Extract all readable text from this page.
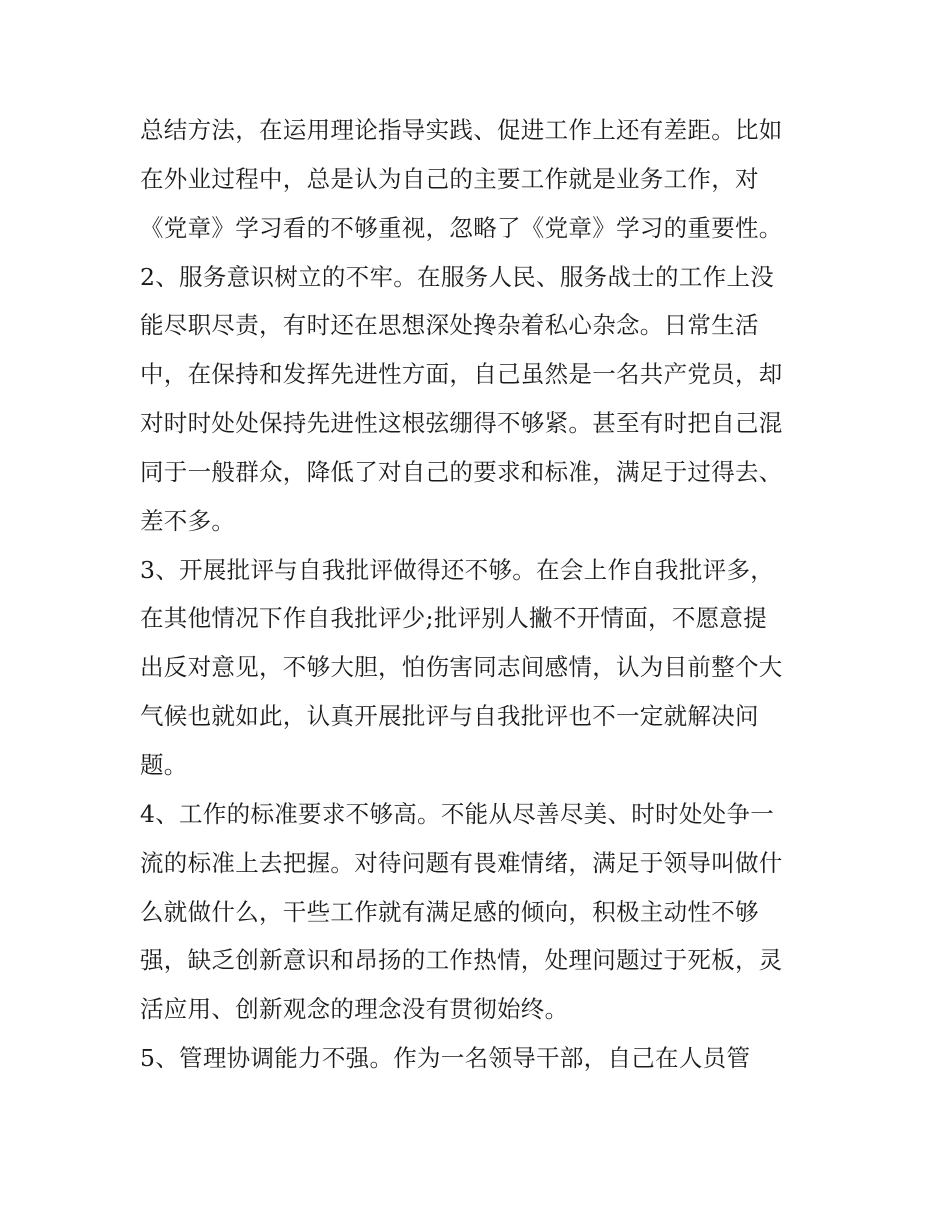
总结方法，在运用理论指导实践、促进工作上还有差距。比如
在外业过程中，总是认为自己的主要工作就是业务工作，对
《党章》学习看的不够重视，忽略了《党章》学习的重要性。
2、服务意识树立的不牢。在服务人民、服务战士的工作上没
能尽职尽责，有时还在思想深处搀杂着私心杂念。日常生活
中，在保持和发挥先进性方面，自己虽然是一名共产党员，却
对时时处处保持先进性这根弦绷得不够紧。甚至有时把自己混
同于一般群众，降低了对自己的要求和标准，满足于过得去、
差不多。
3、开展批评与自我批评做得还不够。在会上作自我批评多，
在其他情况下作自我批评少;批评别人撇不开情面，不愿意提
出反对意见，不够大胆，怕伤害同志间感情，认为目前整个大
气候也就如此，认真开展批评与自我批评也不一定就解决问
题。
4、工作的标准要求不够高。不能从尽善尽美、时时处处争一
流的标准上去把握。对待问题有畏难情绪，满足于领导叫做什
么就做什么，干些工作就有满足感的倾向，积极主动性不够
强，缺乏创新意识和昂扬的工作热情，处理问题过于死板，灵
活应用、创新观念的理念没有贯彻始终。
5、管理协调能力不强。作为一名领导干部，自己在人员管
